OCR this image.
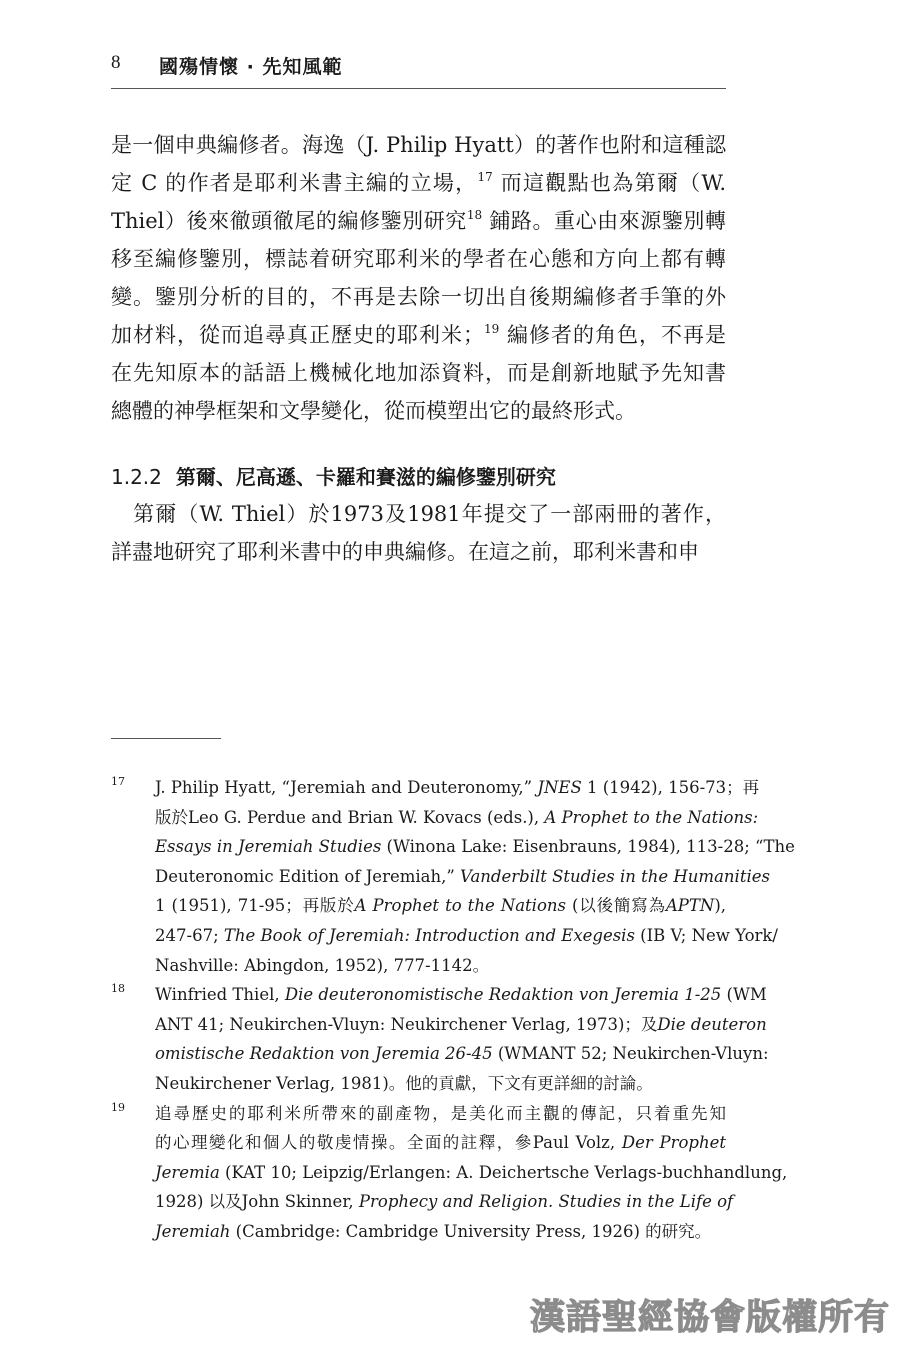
8 國殤情懷 · 先知風範
是一個申典編修者。海逸（J. Philip Hyatt）的著作也附和這種認
定 C 的作者是耶利米書主編的立場，$^{17}$ 而這觀點也為第爾（W.
Thiel）後來徹頭徹尾的編修鑒別研究$^{18}$ 鋪路。重心由來源鑒別轉
移至編修鑒別，標誌着研究耶利米的學者在心態和方向上都有轉
變。鑒別分析的目的，不再是去除一切出自後期編修者手筆的外
加材料，從而追尋真正歷史的耶利米；$^{19}$ 編修者的角色，不再是
在先知原本的話語上機械化地加添資料，而是創新地賦予先知書
總體的神學框架和文學變化，從而模塑出它的最終形式。
1.2.2 第爾、尼高遜、卡羅和賽滋的編修鑒別研究
　第爾（W. Thiel）於1973及1981年提交了一部兩冊的著作，
詳盡地研究了耶利米書中的申典編修。在這之前，耶利米書和申
17 J. Philip Hyatt, “Jeremiah and Deuteronomy,” JNES 1 (1942), 156-73；再
版於Leo G. Perdue and Brian W. Kovacs (eds.), A Prophet to the Nations:
Essays in Jeremiah Studies (Winona Lake: Eisenbrauns, 1984), 113-28; “The
Deuteronomic Edition of Jeremiah,” Vanderbilt Studies in the Humanities
1 (1951), 71-95；再版於A Prophet to the Nations (以後簡寫為APTN),
247-67; The Book of Jeremiah: Introduction and Exegesis (IB V; New York/
Nashville: Abingdon, 1952), 777-1142。
18 Winfried Thiel, Die deuteronomistische Redaktion von Jeremia 1-25 (WM
ANT 41; Neukirchen-Vluyn: Neukirchener Verlag, 1973)；及Die deuteron
omistische Redaktion von Jeremia 26-45 (WMANT 52; Neukirchen-Vluyn:
Neukirchener Verlag, 1981)。他的貢獻，下文有更詳細的討論。
19 追尋歷史的耶利米所帶來的副產物，是美化而主觀的傳記，只着重先知
的心理變化和個人的敬虔情操。全面的註釋，參Paul Volz, Der Prophet
Jeremia (KAT 10; Leipzig/Erlangen: A. Deichertsche Verlags-buchhandlung,
1928) 以及John Skinner, Prophecy and Religion. Studies in the Life of
Jeremiah (Cambridge: Cambridge University Press, 1926) 的研究。
漢語聖經協會版權所有
